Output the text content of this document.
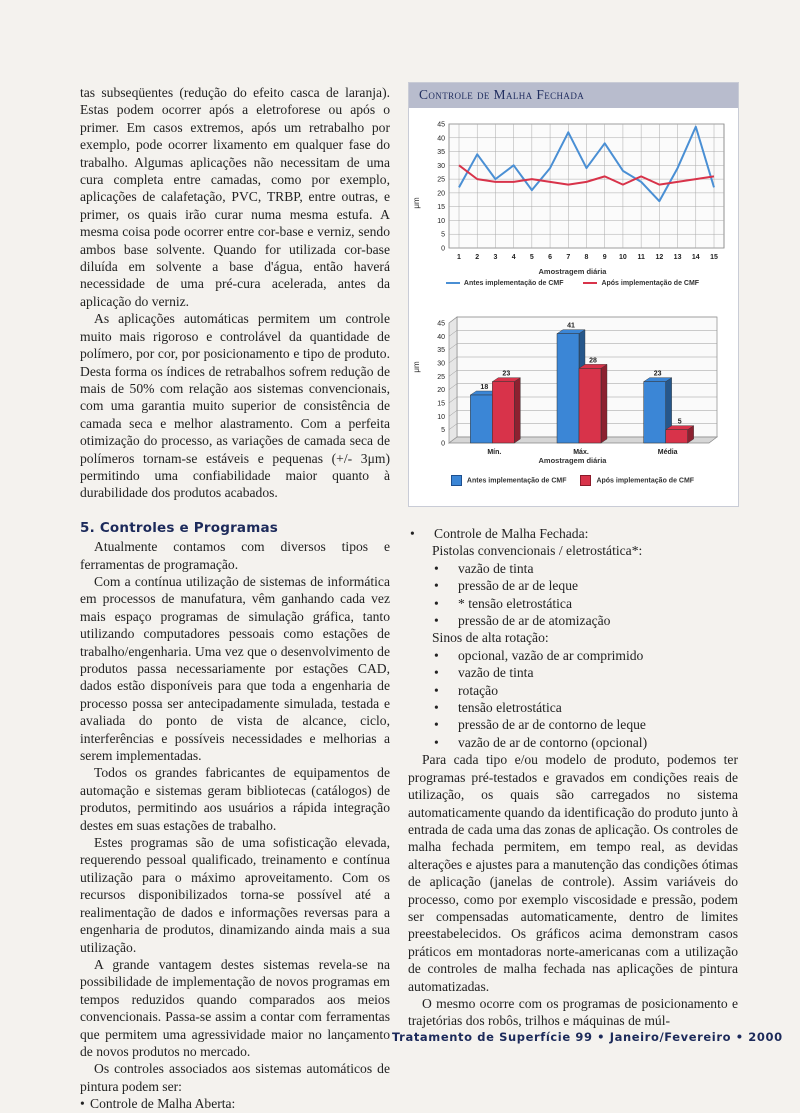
tas subseqüentes (redução do efeito casca de laranja). Estas podem ocorrer após a eletroforese ou após o primer. Em casos extremos, após um retrabalho por exemplo, pode ocorrer lixamento em qualquer fase do trabalho. Algumas aplicações não necessitam de uma cura completa entre camadas, como por exemplo, aplicações de calafetação, PVC, TRBP, entre outras, e primer, os quais irão curar numa mesma estufa. A mesma coisa pode ocorrer entre cor-base e verniz, sendo ambos base solvente. Quando for utilizada cor-base diluída em solvente a base d'água, então haverá necessidade de uma pré-cura acelerada, antes da aplicação do verniz.

As aplicações automáticas permitem um controle muito mais rigoroso e controlável da quantidade de polímero, por cor, por posicionamento e tipo de produto. Desta forma os índices de retrabalhos sofrem redução de mais de 50% com relação aos sistemas convencionais, com uma garantia muito superior de consistência de camada seca e melhor alastramento. Com a perfeita otimização do processo, as variações de camada seca de polímeros tornam-se estáveis e pequenas (+/- 3μm) permitindo uma confiabilidade maior quanto à durabilidade dos produtos acabados.

5. Controles e Programas

Atualmente contamos com diversos tipos e ferramentas de programação.

Com a contínua utilização de sistemas de informática em processos de manufatura, vêm ganhando cada vez mais espaço programas de simulação gráfica, tanto utilizando computadores pessoais como estações de trabalho/engenharia. Uma vez que o desenvolvimento de produtos passa necessariamente por estações CAD, dados estão disponíveis para que toda a engenharia de processo possa ser antecipadamente simulada, testada e avaliada do ponto de vista de alcance, ciclo, interferências e possíveis necessidades e melhorias a serem implementadas.

Todos os grandes fabricantes de equipamentos de automação e sistemas geram bibliotecas (catálogos) de produtos, permitindo aos usuários a rápida integração destes em suas estações de trabalho.

Estes programas são de uma sofisticação elevada, requerendo pessoal qualificado, treinamento e contínua utilização para o máximo aproveitamento. Com os recursos disponibilizados torna-se possível até a realimentação de dados e informações reversas para a engenharia de produtos, dinamizando ainda mais a sua utilização.

A grande vantagem destes sistemas revela-se na possibilidade de implementação de novos programas em tempos reduzidos quando comparados aos meios convencionais. Passa-se assim a contar com ferramentas que permitem uma agressividade maior no lançamento de novos produtos no mercado.

Os controles associados aos sistemas automáticos de pintura podem ser:

• Controle de Malha Aberta:
Controle de Malha Fechada
0
5
10
15
20
25
30
35
40
45
1 2 3 4 5 6 7 8 9 10 11 12 13 14 15
μm
Antes implementação de CMF	Após implementação de CMF
Amostragem diária
0
5
10
15
20
25
30
35
40
45
18
23
Mín.
41
28
Máx.
23
5
Média
μm
Amostragem diária
Antes implementação de CMF	Após implementação de CMF
• Controle de Malha Fechada:
Pistolas convencionais / eletrostática*:
• vazão de tinta
• pressão de ar de leque
• * tensão eletrostática
• pressão de ar de atomização
Sinos de alta rotação:
• opcional, vazão de ar comprimido
• vazão de tinta
• rotação
• tensão eletrostática
• pressão de ar de contorno de leque
• vazão de ar de contorno (opcional)

Para cada tipo e/ou modelo de produto, podemos ter programas pré-testados e gravados em condições reais de utilização, os quais são carregados no sistema automaticamente quando da identificação do produto junto à entrada de cada uma das zonas de aplicação. Os controles de malha fechada permitem, em tempo real, as devidas alterações e ajustes para a manutenção das condições ótimas de aplicação (janelas de controle). Assim variáveis do processo, como por exemplo viscosidade e pressão, podem ser compensadas automaticamente, dentro de limites preestabelecidos. Os gráficos acima demonstram casos práticos em montadoras norte-americanas com a utilização de controles de malha fechada nas aplicações de pintura automatizadas.

O mesmo ocorre com os programas de posicionamento e trajetórias dos robôs, trilhos e máquinas de múl-

Tratamento de Superfície 99 • Janeiro/Fevereiro • 2000
